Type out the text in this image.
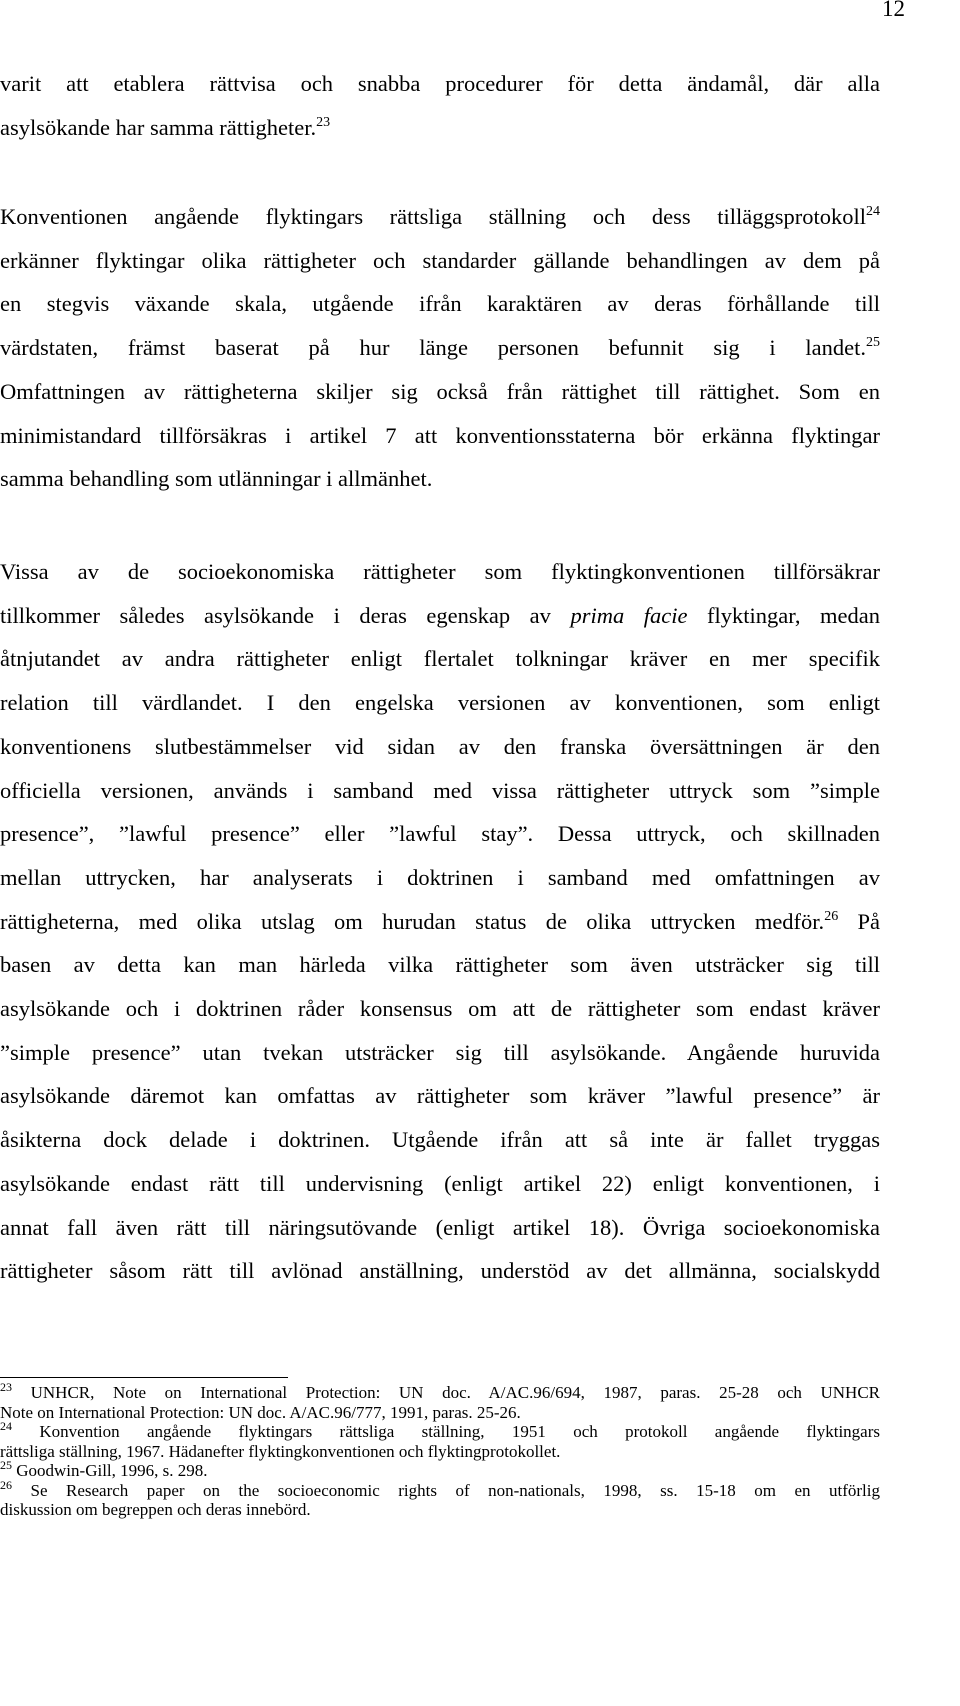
12

varit att etablera rättvisa och snabba procedurer för detta ändamål, där alla
asylsökande har samma rättigheter.$^{23}$

Konventionen angående flyktingars rättsliga ställning och dess tilläggsprotokoll$^{24}$
erkänner flyktingar olika rättigheter och standarder gällande behandlingen av dem på
en stegvis växande skala, utgående ifrån karaktären av deras förhållande till
värdstaten, främst baserat på hur länge personen befunnit sig i landet.$^{25}$
Omfattningen av rättigheterna skiljer sig också från rättighet till rättighet. Som en
minimistandard tillförsäkras i artikel 7 att konventionsstaterna bör erkänna flyktingar
samma behandling som utlänningar i allmänhet.

Vissa av de socioekonomiska rättigheter som flyktingkonventionen tillförsäkrar
tillkommer således asylsökande i deras egenskap av prima facie flyktingar, medan
åtnjutandet av andra rättigheter enligt flertalet tolkningar kräver en mer specifik
relation till värdlandet. I den engelska versionen av konventionen, som enligt
konventionens slutbestämmelser vid sidan av den franska översättningen är den
officiella versionen, används i samband med vissa rättigheter uttryck som ”simple
presence”, ”lawful presence” eller ”lawful stay”. Dessa uttryck, och skillnaden
mellan uttrycken, har analyserats i doktrinen i samband med omfattningen av
rättigheterna, med olika utslag om hurudan status de olika uttrycken medför.$^{26}$ På
basen av detta kan man härleda vilka rättigheter som även utsträcker sig till
asylsökande och i doktrinen råder konsensus om att de rättigheter som endast kräver
”simple presence” utan tvekan utsträcker sig till asylsökande. Angående huruvida
asylsökande däremot kan omfattas av rättigheter som kräver ”lawful presence” är
åsikterna dock delade i doktrinen. Utgående ifrån att så inte är fallet tryggas
asylsökande endast rätt till undervisning (enligt artikel 22) enligt konventionen, i
annat fall även rätt till näringsutövande (enligt artikel 18). Övriga socioekonomiska
rättigheter såsom rätt till avlönad anställning, understöd av det allmänna, socialskydd

$^{23}$ UNHCR, Note on International Protection: UN doc. A/AC.96/694, 1987, paras. 25-28 och UNHCR
Note on International Protection: UN doc. A/AC.96/777, 1991, paras. 25-26.
$^{24}$ Konvention angående flyktingars rättsliga ställning, 1951 och protokoll angående flyktingars
rättsliga ställning, 1967. Hädanefter flyktingkonventionen och flyktingprotokollet.
$^{25}$ Goodwin-Gill, 1996, s. 298.
$^{26}$ Se Research paper on the socioeconomic rights of non-nationals, 1998, ss. 15-18 om en utförlig
diskussion om begreppen och deras innebörd.
